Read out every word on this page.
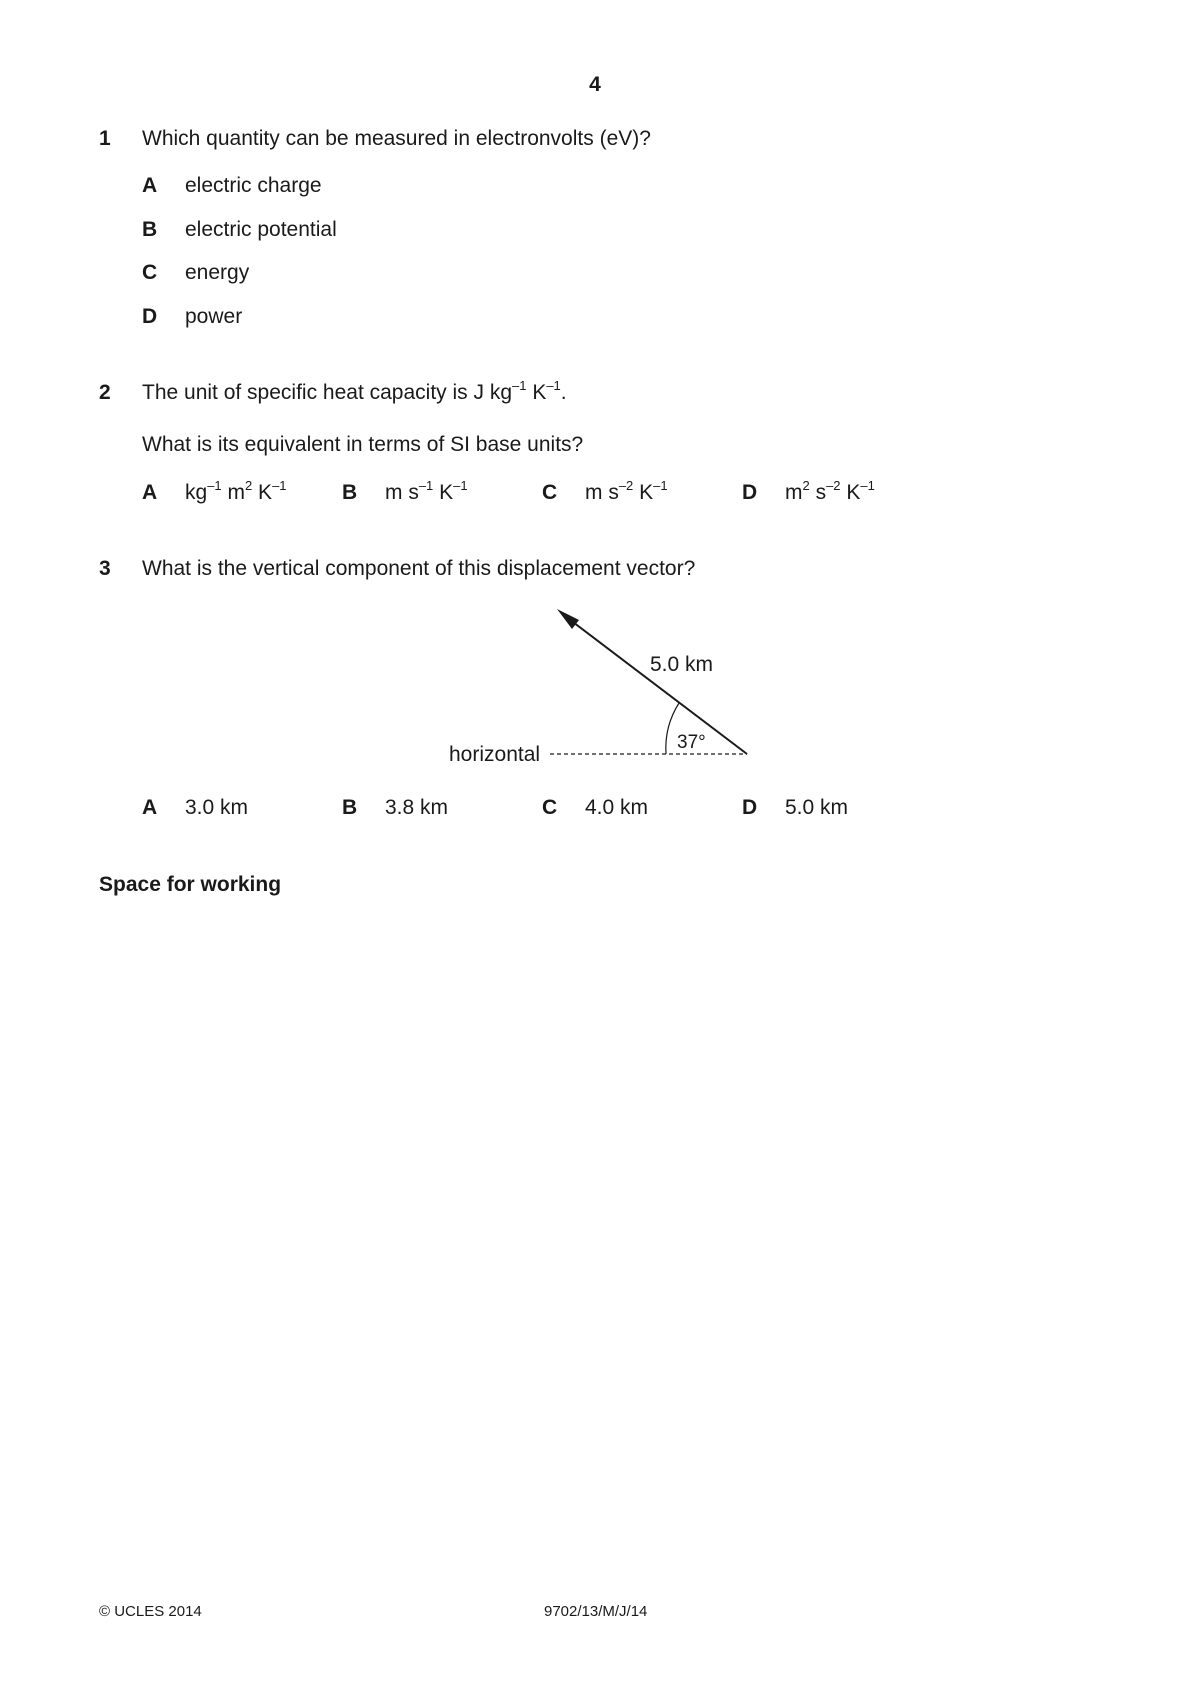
4
1 Which quantity can be measured in electronvolts (eV)?
A electric charge
B electric potential
C energy
D power
2 The unit of specific heat capacity is J $kg^{-1}$ $K^{-1}$.
What is its equivalent in terms of SI base units?
A $kg^{-1}$ $m^2$ $K^{-1}$	B m $s^{-1}$ $K^{-1}$	C m $s^{-2}$ $K^{-1}$	D $m^2$ $s^{-2}$ $K^{-1}$
3 What is the vertical component of this displacement vector?
5.0 km
37°
horizontal
A 3.0 km	B 3.8 km	C 4.0 km	D 5.0 km
Space for working
© UCLES 2014	9702/13/M/J/14
